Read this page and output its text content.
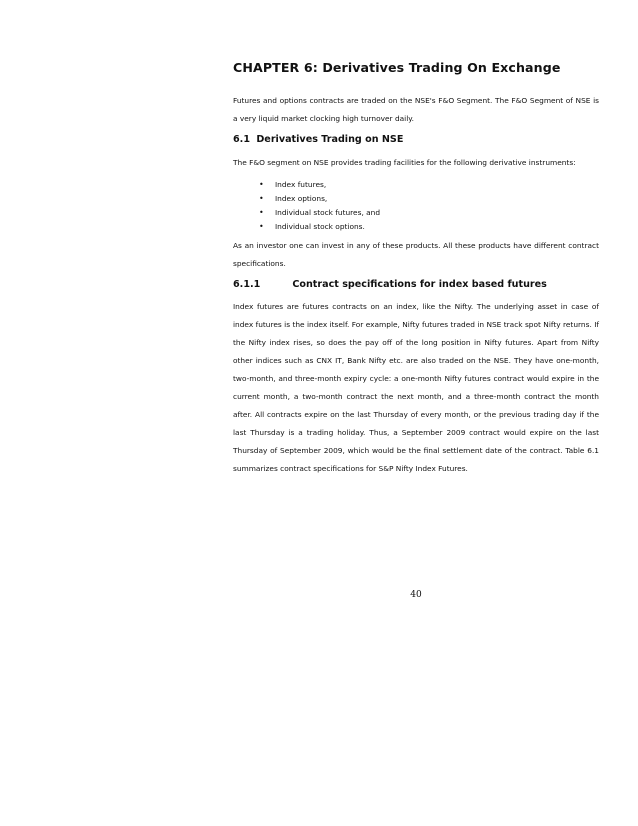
CHAPTER 6: Derivatives Trading On Exchange

Futures and options contracts are traded on the NSE's F&O Segment. The F&O Segment of NSE is a very liquid market clocking high turnover daily.

6.1 Derivatives Trading on NSE

The F&O segment on NSE provides trading facilities for the following derivative instruments:

•	Index futures,
•	Index options,
•	Individual stock futures, and
•	Individual stock options.

As an investor one can invest in any of these products. All these products have different contract specifications.

6.1.1	Contract specifications for index based futures

Index futures are futures contracts on an index, like the Nifty. The underlying asset in case of index futures is the index itself. For example, Nifty futures traded in NSE track spot Nifty returns. If the Nifty index rises, so does the pay off of the long position in Nifty futures. Apart from Nifty other indices such as CNX IT, Bank Nifty etc. are also traded on the NSE. They have one-month, two-month, and three-month expiry cycle: a one-month Nifty futures contract would expire in the current month, a two-month contract the next month, and a three-month contract the month after. All contracts expire on the last Thursday of every month, or the previous trading day if the last Thursday is a trading holiday. Thus, a September 2009 contract would expire on the last Thursday of September 2009, which would be the final settlement date of the contract. Table 6.1 summarizes contract specifications for S&P Nifty Index Futures.

40
